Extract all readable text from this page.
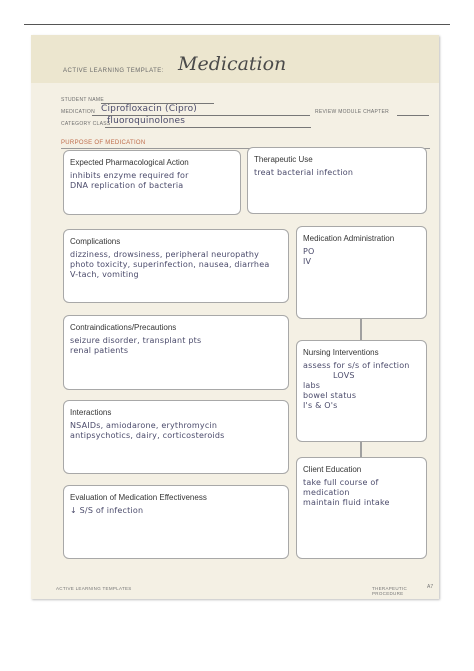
ACTIVE LEARNING TEMPLATE: Medication
STUDENT NAME
MEDICATION Ciprofloxacin (Cipro)	REVIEW MODULE CHAPTER
CATEGORY CLASS
fluoroquinolones
PURPOSE OF MEDICATION
Expected Pharmacological Action
inhibits enzyme required for
DNA replication of bacteria
Therapeutic Use
treat bacterial infection
Complications
dizziness, drowsiness, peripheral neuropathy
photo toxicity, superinfection, nausea, diarrhea
V-tach, vomiting
Medication Administration
PO
IV
Contraindications/Precautions
seizure disorder, transplant pts
renal patients	Nursing Interventions
assess for s/s of infection
LOVS
labs
bowel status
I's & O's
Interactions
NSAIDs, amiodarone, erythromycin
antipsychotics, dairy, corticosteroids
Client Education
take full course of
medication
maintain fluid intake
Evaluation of Medication Effectiveness
↓ S/S of infection
ACTIVE LEARNING TEMPLATES	THERAPEUTIC PROCEDURE
A7
